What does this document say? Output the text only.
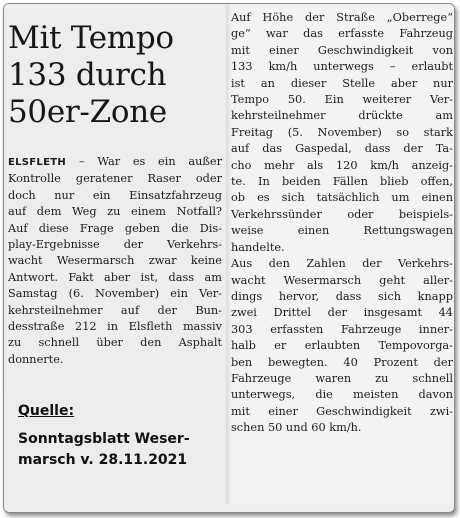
Mit Tempo
133 durch
50er-Zone
ELSFLETH – War es ein außer
Kontrolle geratener Raser oder
doch nur ein Einsatzfahrzeug
auf dem Weg zu einem Notfall?
Auf diese Frage geben die Dis-
play-Ergebnisse der Verkehrs-
wacht Wesermarsch zwar keine
Antwort. Fakt aber ist, dass am
Samstag (6. November) ein Ver-
kehrsteilnehmer auf der Bun-
desstraße 212 in Elsfleth massiv
zu schnell über den Asphalt
donnerte.
Auf Höhe der Straße „Oberrege“
ge“ war das erfasste Fahrzeug
mit einer Geschwindigkeit von
133 km/h unterwegs – erlaubt
ist an dieser Stelle aber nur
Tempo 50. Ein weiterer Ver-
kehrsteilnehmer drückte am
Freitag (5. November) so stark
auf das Gaspedal, dass der Ta-
cho mehr als 120 km/h anzeig-
te. In beiden Fällen blieb offen,
ob es sich tatsächlich um einen
Verkehrssünder oder beispiels-
weise einen Rettungswagen
handelte.
Aus den Zahlen der Verkehrs-
wacht Wesermarsch geht aller-
dings hervor, dass sich knapp
zwei Drittel der insgesamt 44
303 erfassten Fahrzeuge inner-
halb er erlaubten Tempovorga-
ben bewegten. 40 Prozent der
Fahrzeuge waren zu schnell
unterwegs, die meisten davon
mit einer Geschwindigkeit zwi-
schen 50 und 60 km/h.
Quelle:
Sonntagsblatt Weser-
marsch v. 28.11.2021
